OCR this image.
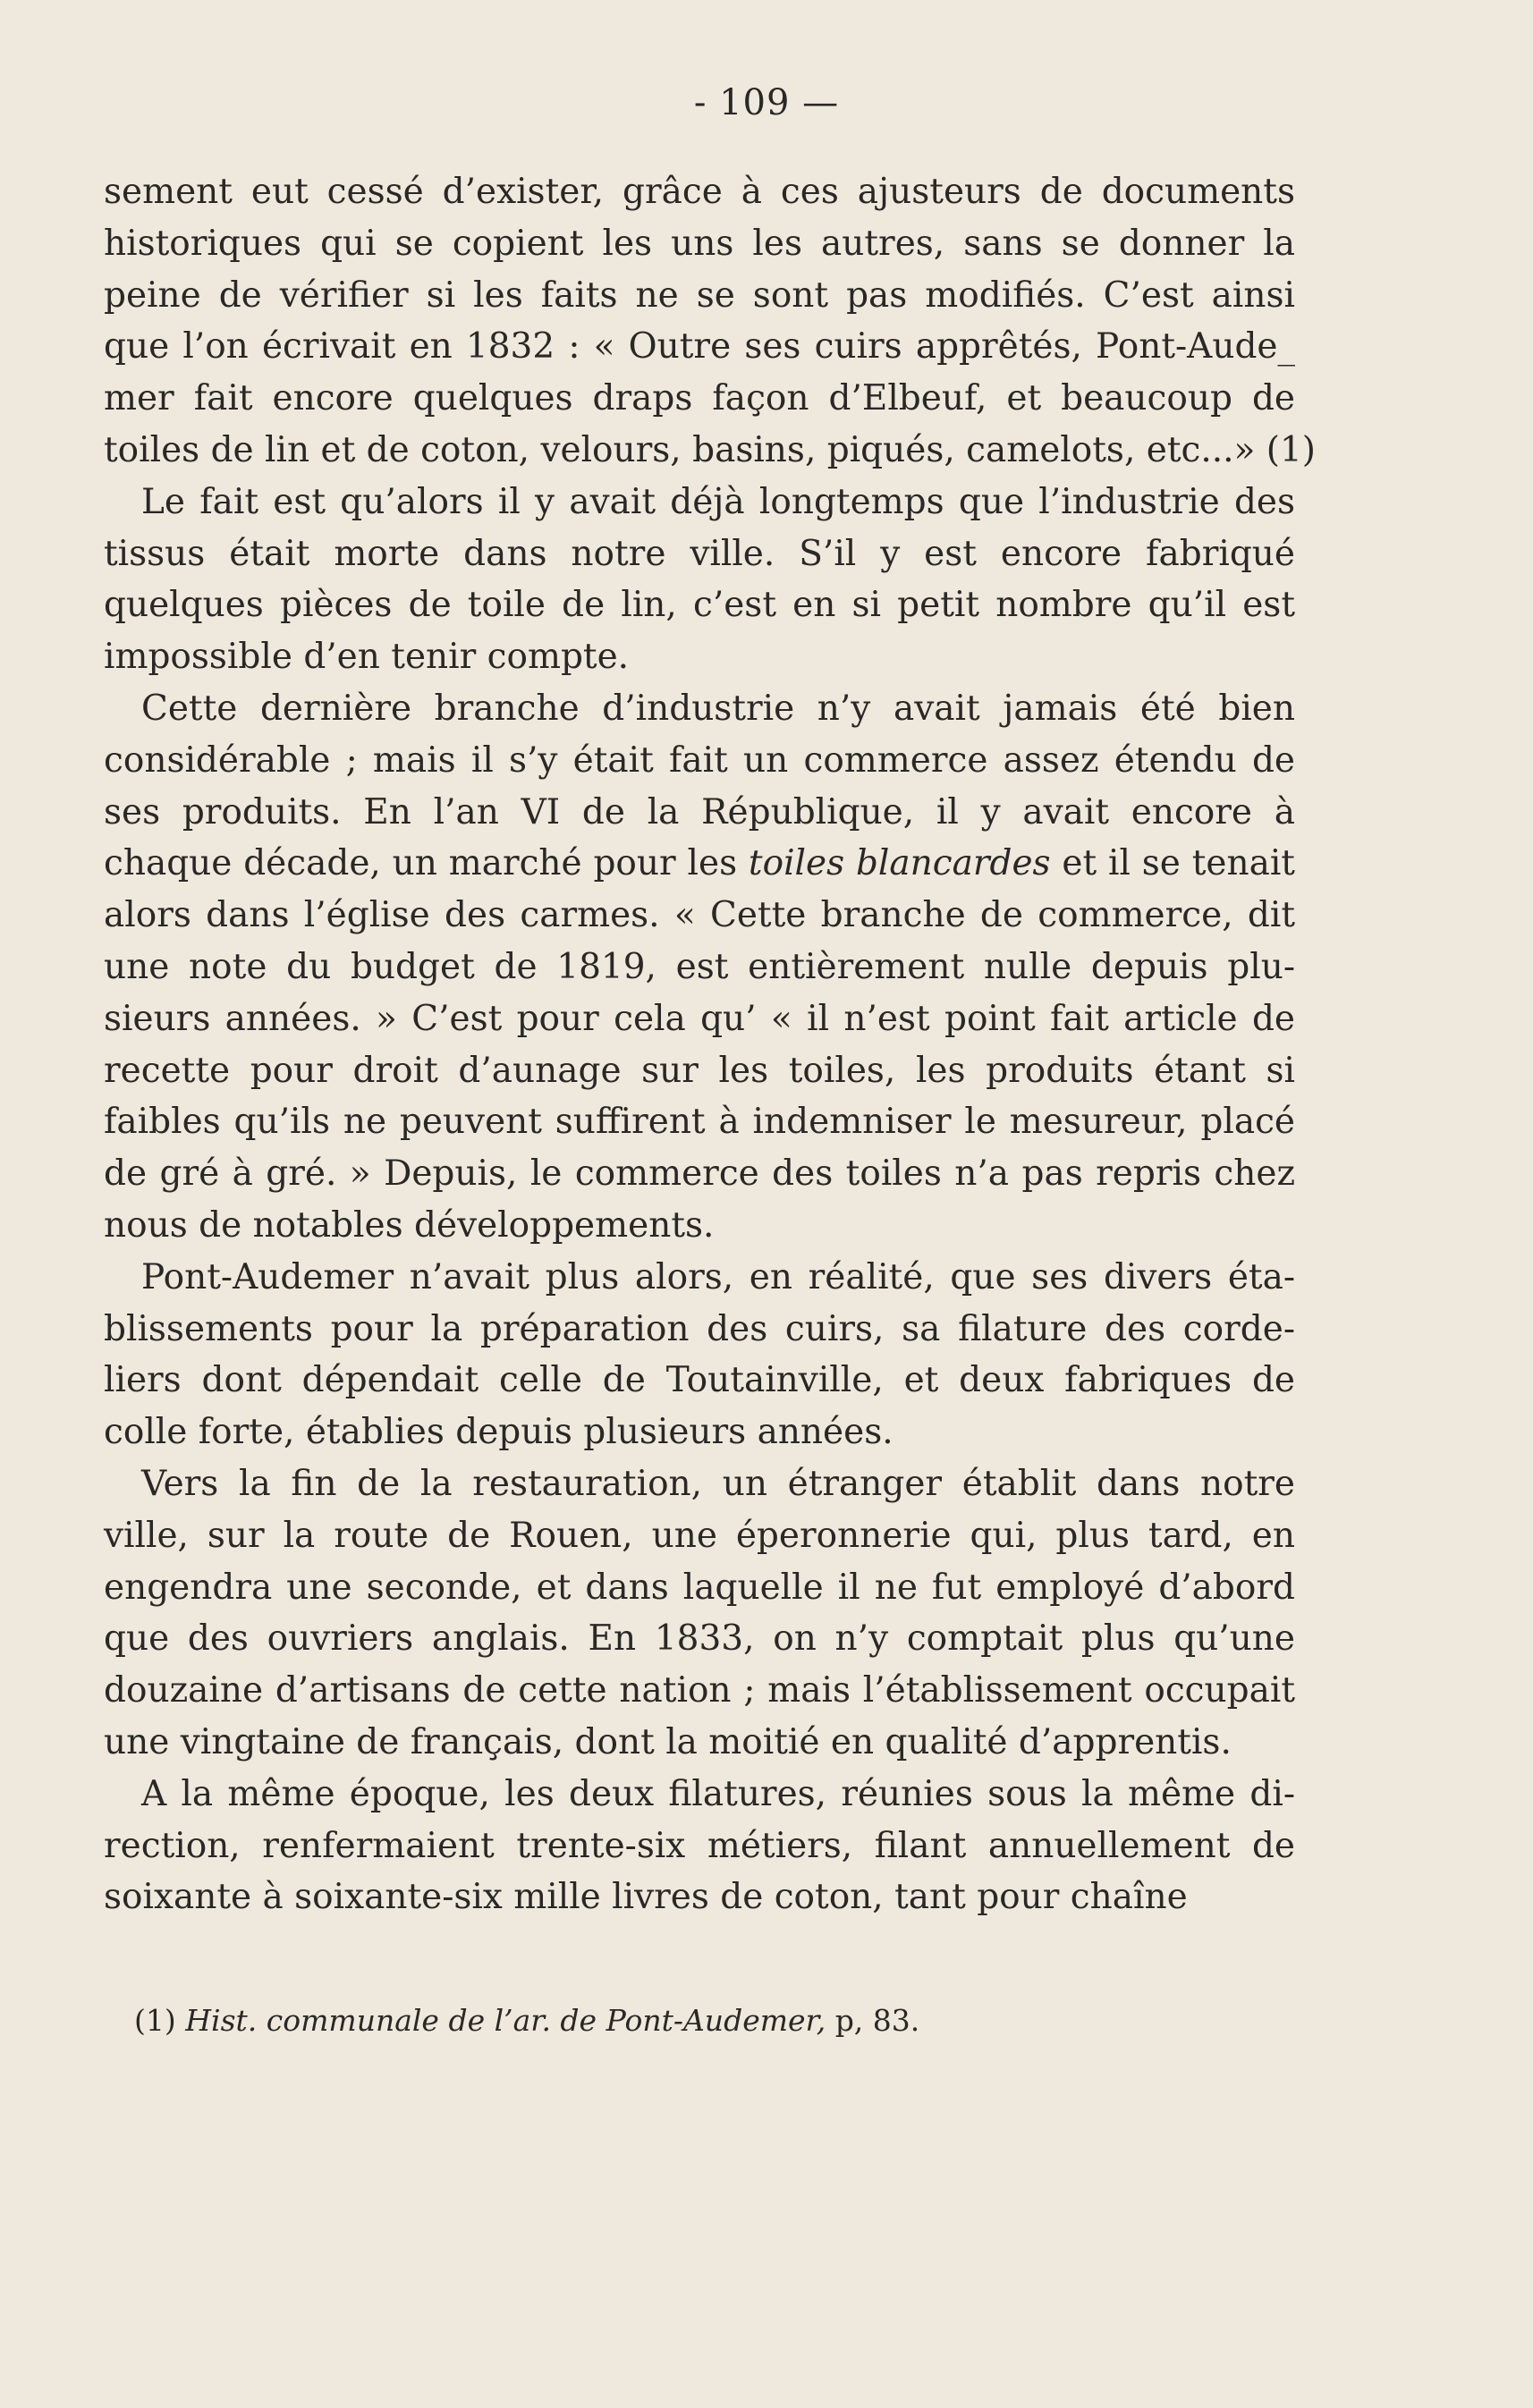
- 109 —
sement eut cessé d’exister, grâce à ces ajusteurs de documents
historiques qui se copient les uns les autres, sans se donner la
peine de vérifier si les faits ne se sont pas modifiés. C’est ainsi
que l’on écrivait en 1832 : « Outre ses cuirs apprêtés, Pont-Aude_
mer fait encore quelques draps façon d’Elbeuf, et beaucoup de
toiles de lin et de coton, velours, basins, piqués, camelots, etc...» (1)
Le fait est qu’alors il y avait déjà longtemps que l’industrie des
tissus était morte dans notre ville. S’il y est encore fabriqué
quelques pièces de toile de lin, c’est en si petit nombre qu’il est
impossible d’en tenir compte.
Cette dernière branche d’industrie n’y avait jamais été bien
considérable ; mais il s’y était fait un commerce assez étendu de
ses produits. En l’an VI de la République, il y avait encore à
chaque décade, un marché pour les toiles blancardes et il se tenait
alors dans l’église des carmes. « Cette branche de commerce, dit
une note du budget de 1819, est entièrement nulle depuis plu-
sieurs années. » C’est pour cela qu’ « il n’est point fait article de
recette pour droit d’aunage sur les toiles, les produits étant si
faibles qu’ils ne peuvent suffirent à indemniser le mesureur, placé
de gré à gré. » Depuis, le commerce des toiles n’a pas repris chez
nous de notables développements.
Pont-Audemer n’avait plus alors, en réalité, que ses divers éta-
blissements pour la préparation des cuirs, sa filature des corde-
liers dont dépendait celle de Toutainville, et deux fabriques de
colle forte, établies depuis plusieurs années.
Vers la fin de la restauration, un étranger établit dans notre
ville, sur la route de Rouen, une éperonnerie qui, plus tard, en
engendra une seconde, et dans laquelle il ne fut employé d’abord
que des ouvriers anglais. En 1833, on n’y comptait plus qu’une
douzaine d’artisans de cette nation ; mais l’établissement occupait
une vingtaine de français, dont la moitié en qualité d’apprentis.
A la même époque, les deux filatures, réunies sous la même di-
rection, renfermaient trente-six métiers, filant annuellement de
soixante à soixante-six mille livres de coton, tant pour chaîne
(1) Hist. communale de l’ar. de Pont-Audemer, p, 83.
